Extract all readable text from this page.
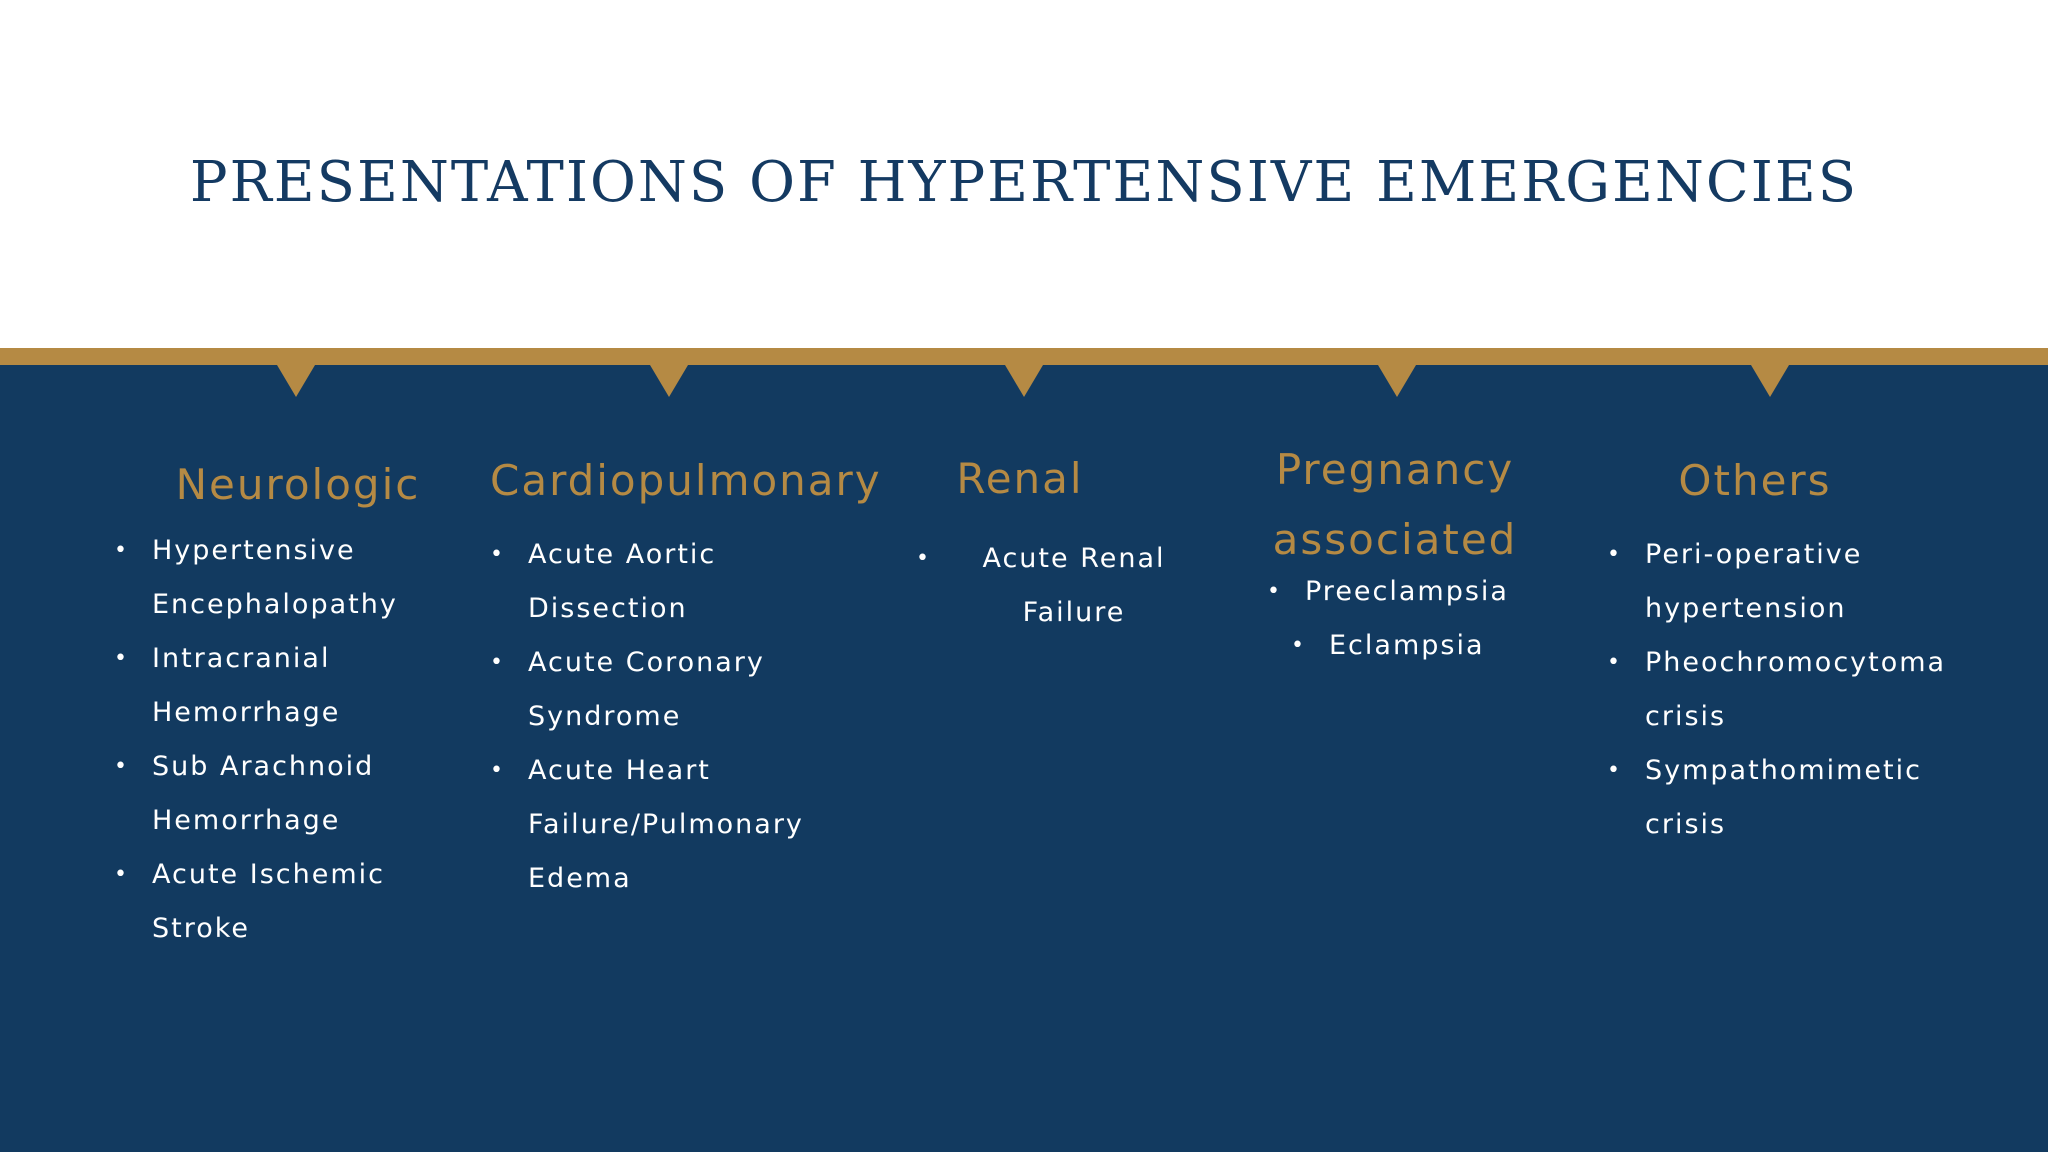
PRESENTATIONS OF HYPERTENSIVE EMERGENCIES
Neurologic
• Hypertensive Encephalopathy
• Intracranial Hemorrhage
• Sub Arachnoid Hemorrhage
• Acute Ischemic Stroke
Cardiopulmonary
• Acute Aortic Dissection
• Acute Coronary Syndrome
• Acute Heart Failure/Pulmonary Edema
Renal
• Acute Renal Failure
Pregnancy associated
• Preeclampsia
• Eclampsia
Others
• Peri-operative hypertension
• Pheochromocytoma crisis
• Sympathomimetic crisis
